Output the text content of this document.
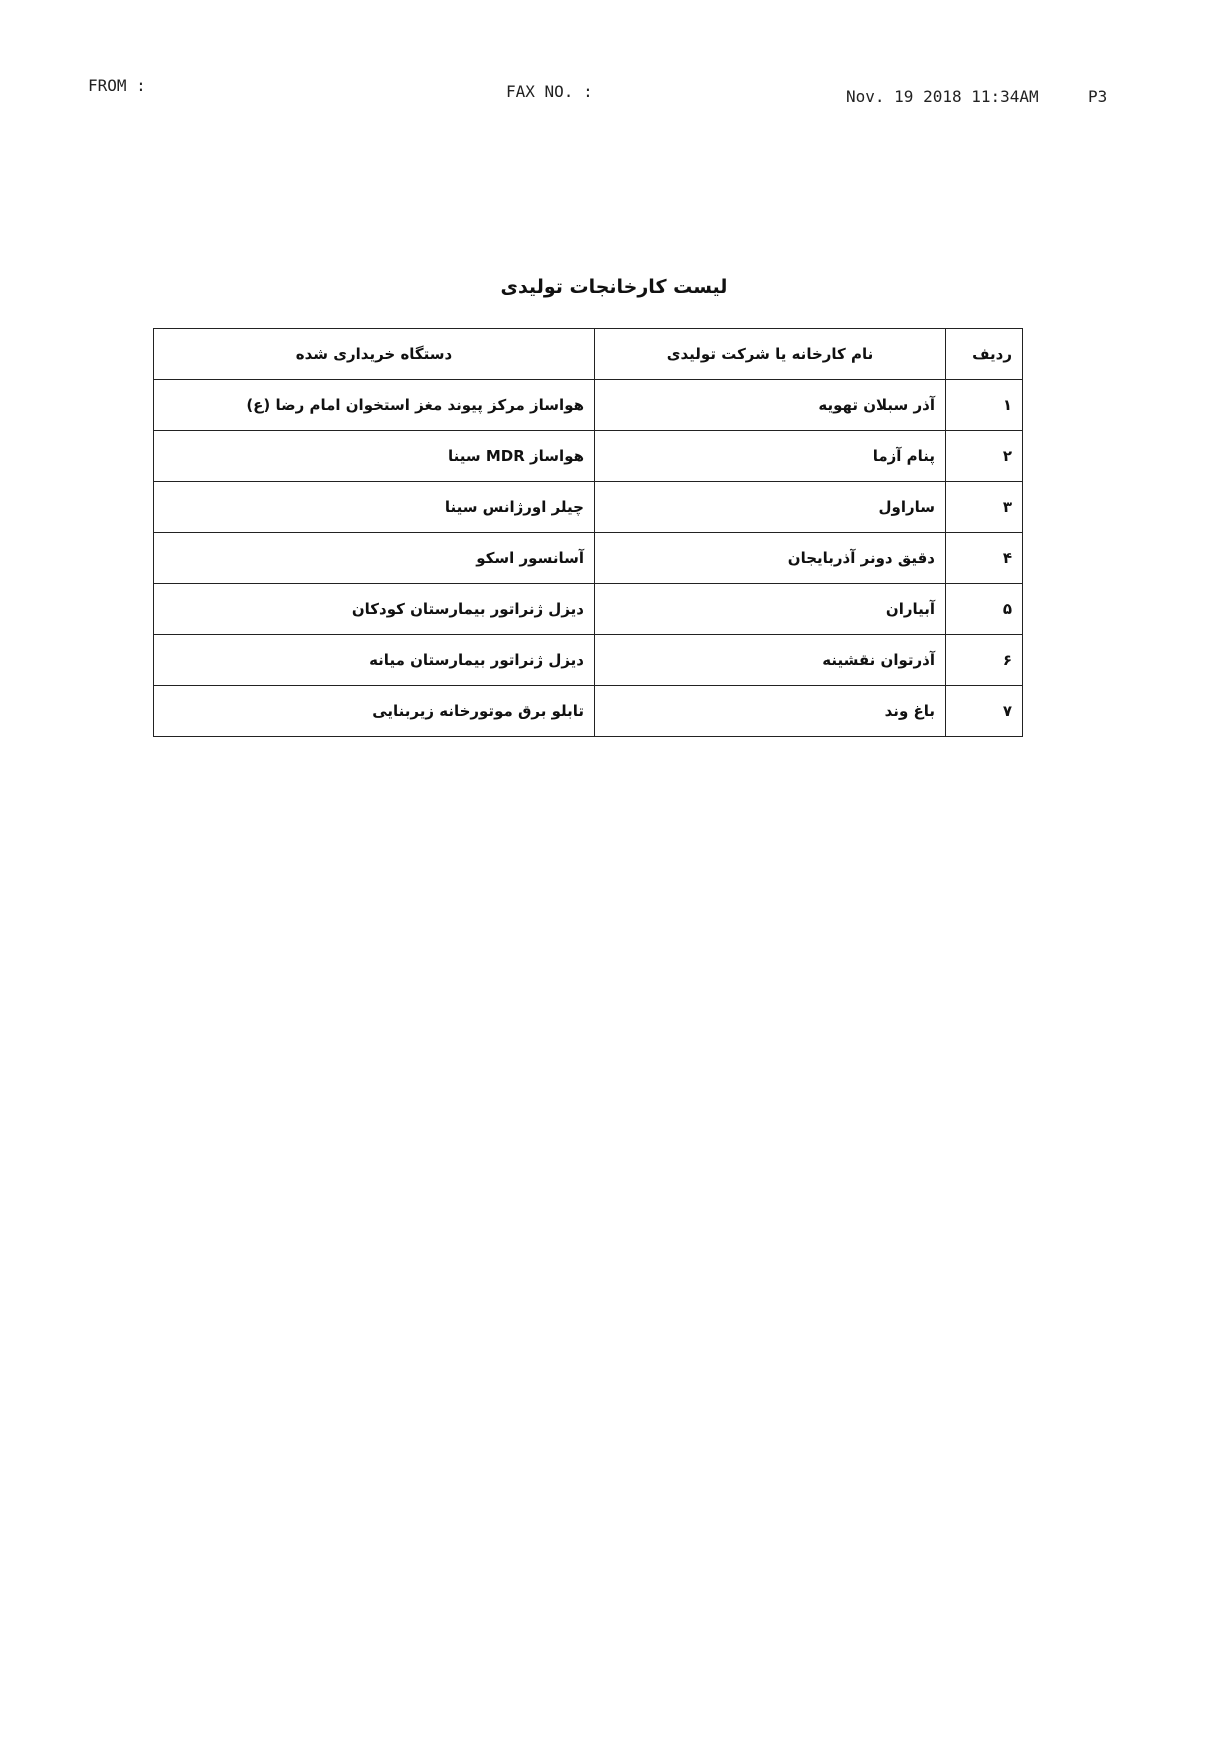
FROM :	FAX NO. :	Nov. 19 2018 11:34AM	P3
لیست کارخانجات تولیدی
ردیف	نام کارخانه یا شرکت تولیدی	دستگاه خریداری شده
۱	آذر سبلان تهویه	هواساز مرکز پیوند مغز استخوان امام رضا (ع)
۲	پنام آزما	هواساز MDR سینا
۳	ساراول	چیلر اورژانس سینا
۴	دقیق دونر آذربایجان	آسانسور اسکو
۵	آبیاران	دیزل ژنراتور بیمارستان کودکان
۶	آذرتوان نقشینه	دیزل ژنراتور بیمارستان میانه
۷	باغ وند	تابلو برق موتورخانه زیربنایی
